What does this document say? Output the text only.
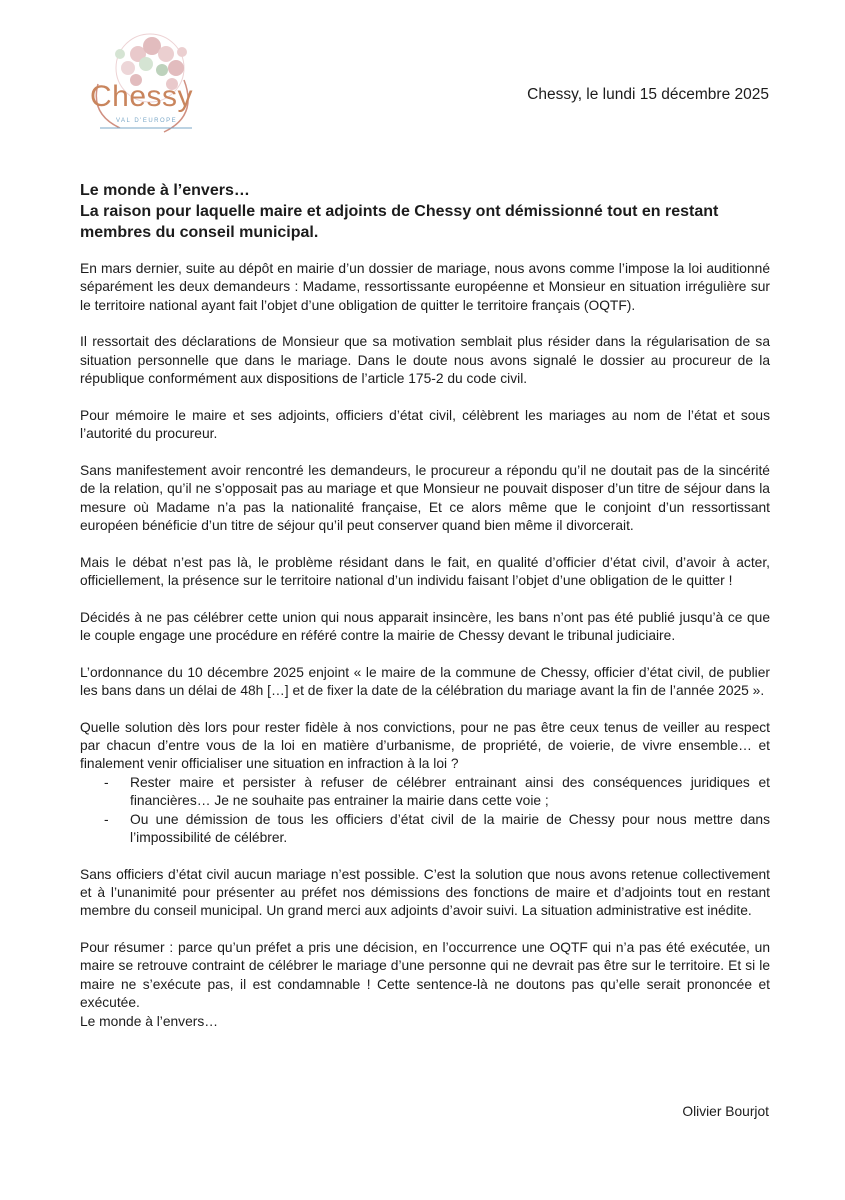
Chessy
VAL D'EUROPE
Chessy, le lundi 15 décembre 2025
Le monde à l’envers…
La raison pour laquelle maire et adjoints de Chessy ont démissionné tout en restant membres du conseil municipal.

En mars dernier, suite au dépôt en mairie d’un dossier de mariage, nous avons comme l’impose la loi auditionné séparément les deux demandeurs : Madame, ressortissante européenne et Monsieur en situation irrégulière sur le territoire national ayant fait l’objet d’une obligation de quitter le territoire français (OQTF).

Il ressortait des déclarations de Monsieur que sa motivation semblait plus résider dans la régularisation de sa situation personnelle que dans le mariage. Dans le doute nous avons signalé le dossier au procureur de la république conformément aux dispositions de l’article 175-2 du code civil.

Pour mémoire le maire et ses adjoints, officiers d’état civil, célèbrent les mariages au nom de l’état et sous l’autorité du procureur.

Sans manifestement avoir rencontré les demandeurs, le procureur a répondu qu’il ne doutait pas de la sincérité de la relation, qu’il ne s’opposait pas au mariage et que Monsieur ne pouvait disposer d’un titre de séjour dans la mesure où Madame n’a pas la nationalité française, Et ce alors même que le conjoint d’un ressortissant européen bénéficie d’un titre de séjour qu’il peut conserver quand bien même il divorcerait.

Mais le débat n’est pas là, le problème résidant dans le fait, en qualité d’officier d’état civil, d’avoir à acter, officiellement, la présence sur le territoire national d’un individu faisant l’objet d’une obligation de le quitter !

Décidés à ne pas célébrer cette union qui nous apparait insincère, les bans n’ont pas été publié jusqu’à ce que le couple engage une procédure en référé contre la mairie de Chessy devant le tribunal judiciaire.

L’ordonnance du 10 décembre 2025 enjoint « le maire de la commune de Chessy, officier d’état civil, de publier les bans dans un délai de 48h […] et de fixer la date de la célébration du mariage avant la fin de l’année 2025 ».

Quelle solution dès lors pour rester fidèle à nos convictions, pour ne pas être ceux tenus de veiller au respect par chacun d’entre vous de la loi en matière d’urbanisme, de propriété, de voierie, de vivre ensemble… et finalement venir officialiser une situation en infraction à la loi ?

- Rester maire et persister à refuser de célébrer entrainant ainsi des conséquences juridiques et financières… Je ne souhaite pas entrainer la mairie dans cette voie ;
- Ou une démission de tous les officiers d’état civil de la mairie de Chessy pour nous mettre dans l’impossibilité de célébrer.

Sans officiers d’état civil aucun mariage n’est possible. C’est la solution que nous avons retenue collectivement et à l’unanimité pour présenter au préfet nos démissions des fonctions de maire et d’adjoints tout en restant membre du conseil municipal. Un grand merci aux adjoints d’avoir suivi. La situation administrative est inédite.

Pour résumer : parce qu’un préfet a pris une décision, en l’occurrence une OQTF qui n’a pas été exécutée, un maire se retrouve contraint de célébrer le mariage d’une personne qui ne devrait pas être sur le territoire. Et si le maire ne s’exécute pas, il est condamnable ! Cette sentence-là ne doutons pas qu’elle serait prononcée et exécutée.

Le monde à l’envers…

Olivier Bourjot
